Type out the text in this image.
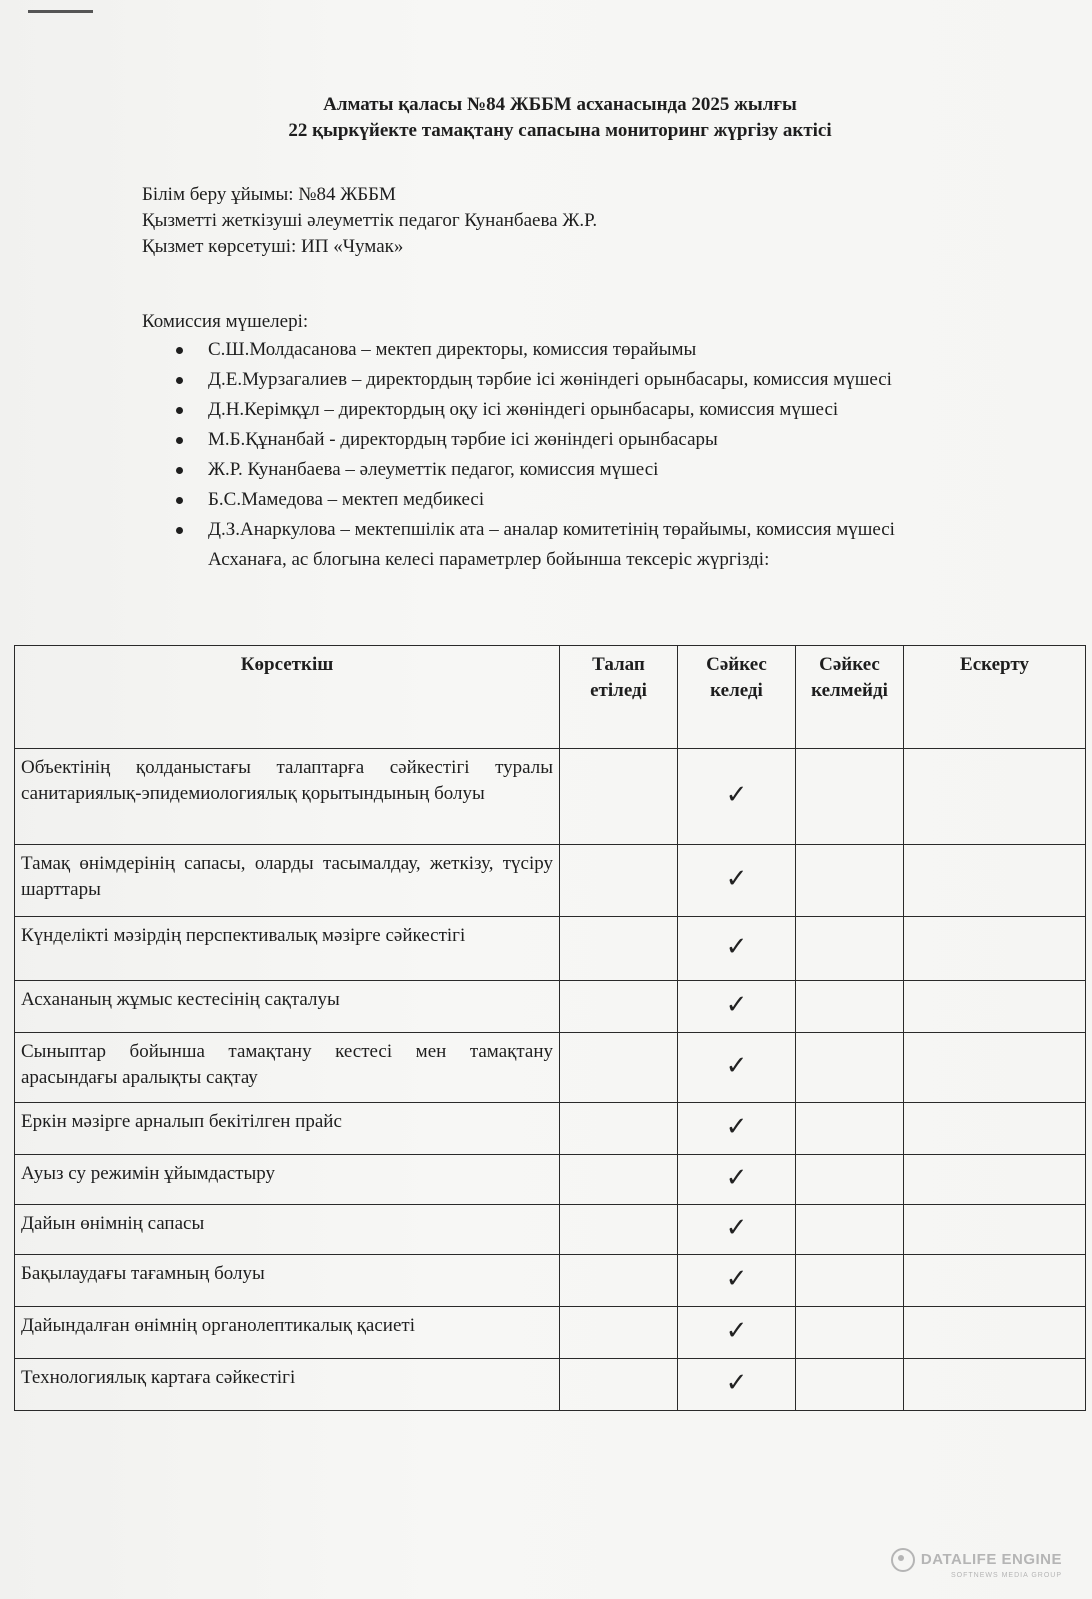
Алматы қаласы №84 ЖББМ асханасында 2025 жылғы
22 қыркүйекте тамақтану сапасына мониторинг жүргізу актісі
Білім беру ұйымы: №84 ЖББМ
Қызметті жеткізуші әлеуметтік педагог Кунанбаева Ж.Р.
Қызмет көрсетуші: ИП «Чумак»
Комиссия мүшелері:
С.Ш.Молдасанова – мектеп директоры, комиссия төрайымы
Д.Е.Мурзагалиев – директордың тәрбие ісі жөніндегі орынбасары, комиссия мүшесі
Д.Н.Керімқұл – директордың оқу ісі жөніндегі орынбасары, комиссия мүшесі
М.Б.Құнанбай - директордың тәрбие ісі жөніндегі орынбасары
Ж.Р. Кунанбаева – әлеуметтік педагог, комиссия мүшесі
Б.С.Мамедова – мектеп медбикесі
Д.З.Анаркулова – мектепшілік ата – аналар комитетінің төрайымы, комиссия мүшесі
Асханаға, ас блогына келесі параметрлер бойынша тексеріс жүргізді:
Көрсеткіш	Талап етіледі	Сәйкес келеді	Сәйкес келмейді	Ескерту
Объектінің қолданыстағы талаптарға сәйкестігі туралы санитариялық-эпидемиологиялық қорытындының болуы		✓		
Тамақ өнімдерінің сапасы, оларды тасымалдау, жеткізу, түсіру шарттары		✓		
Күнделікті мәзірдің перспективалық мәзірге сәйкестігі		✓		
Асхананың жұмыс кестесінің сақталуы		✓		
Сыныптар бойынша тамақтану кестесі мен тамақтану арасындағы аралықты сақтау		✓		
Еркін мәзірге арналып бекітілген прайс		✓		
Ауыз су режимін ұйымдастыру		✓		
Дайын өнімнің сапасы		✓		
Бақылаудағы тағамның болуы		✓		
Дайындалған өнімнің органолептикалық қасиеті		✓		
Технологиялық картаға сәйкестігі		✓		
DATALIFE ENGINE
SOFTNEWS MEDIA GROUP
